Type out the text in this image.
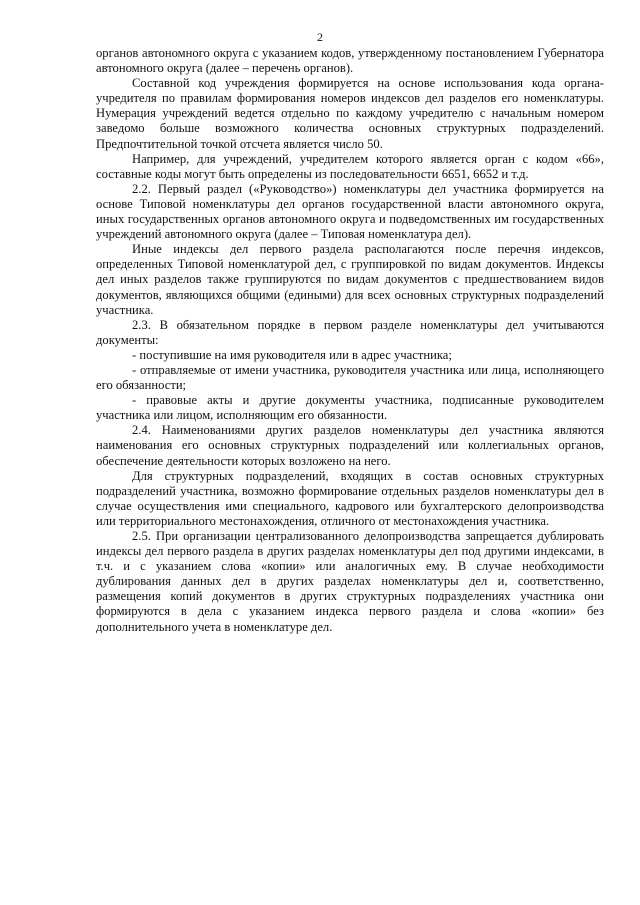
2

органов автономного округа с указанием кодов, утвержденному постановлением Губернатора автономного округа (далее – перечень органов).

Составной код учреждения формируется на основе использования кода органа-учредителя по правилам формирования номеров индексов дел разделов его номенклатуры. Нумерация учреждений ведется отдельно по каждому учредителю с начальным номером заведомо больше возможного количества основных структурных подразделений. Предпочтительной точкой отсчета является число 50.

Например, для учреждений, учредителем которого является орган с кодом «66», составные коды могут быть определены из последовательности 6651, 6652 и т.д.

2.2. Первый раздел («Руководство») номенклатуры дел участника формируется на основе Типовой номенклатуры дел органов государственной власти автономного округа, иных государственных органов автономного округа и подведомственных им государственных учреждений автономного округа (далее – Типовая номенклатура дел).

Иные индексы дел первого раздела располагаются после перечня индексов, определенных Типовой номенклатурой дел, с группировкой по видам документов. Индексы дел иных разделов также группируются по видам документов с предшествованием видов документов, являющихся общими (едиными) для всех основных структурных подразделений участника.

2.3. В обязательном порядке в первом разделе номенклатуры дел учитываются документы:

- поступившие на имя руководителя или в адрес участника;

- отправляемые от имени участника, руководителя участника или лица, исполняющего его обязанности;

- правовые акты и другие документы участника, подписанные руководителем участника или лицом, исполняющим его обязанности.

2.4. Наименованиями других разделов номенклатуры дел участника являются наименования его основных структурных подразделений или коллегиальных органов, обеспечение деятельности которых возложено на него.

Для структурных подразделений, входящих в состав основных структурных подразделений участника, возможно формирование отдельных разделов номенклатуры дел в случае осуществления ими специального, кадрового или бухгалтерского делопроизводства или территориального местонахождения, отличного от местонахождения участника.

2.5. При организации централизованного делопроизводства запрещается дублировать индексы дел первого раздела в других разделах номенклатуры дел под другими индексами, в т.ч. и с указанием слова «копии» или аналогичных ему. В случае необходимости дублирования данных дел в других разделах номенклатуры дел и, соответственно, размещения копий документов в других структурных подразделениях участника они формируются в дела с указанием индекса первого раздела и слова «копии» без дополнительного учета в номенклатуре дел.
